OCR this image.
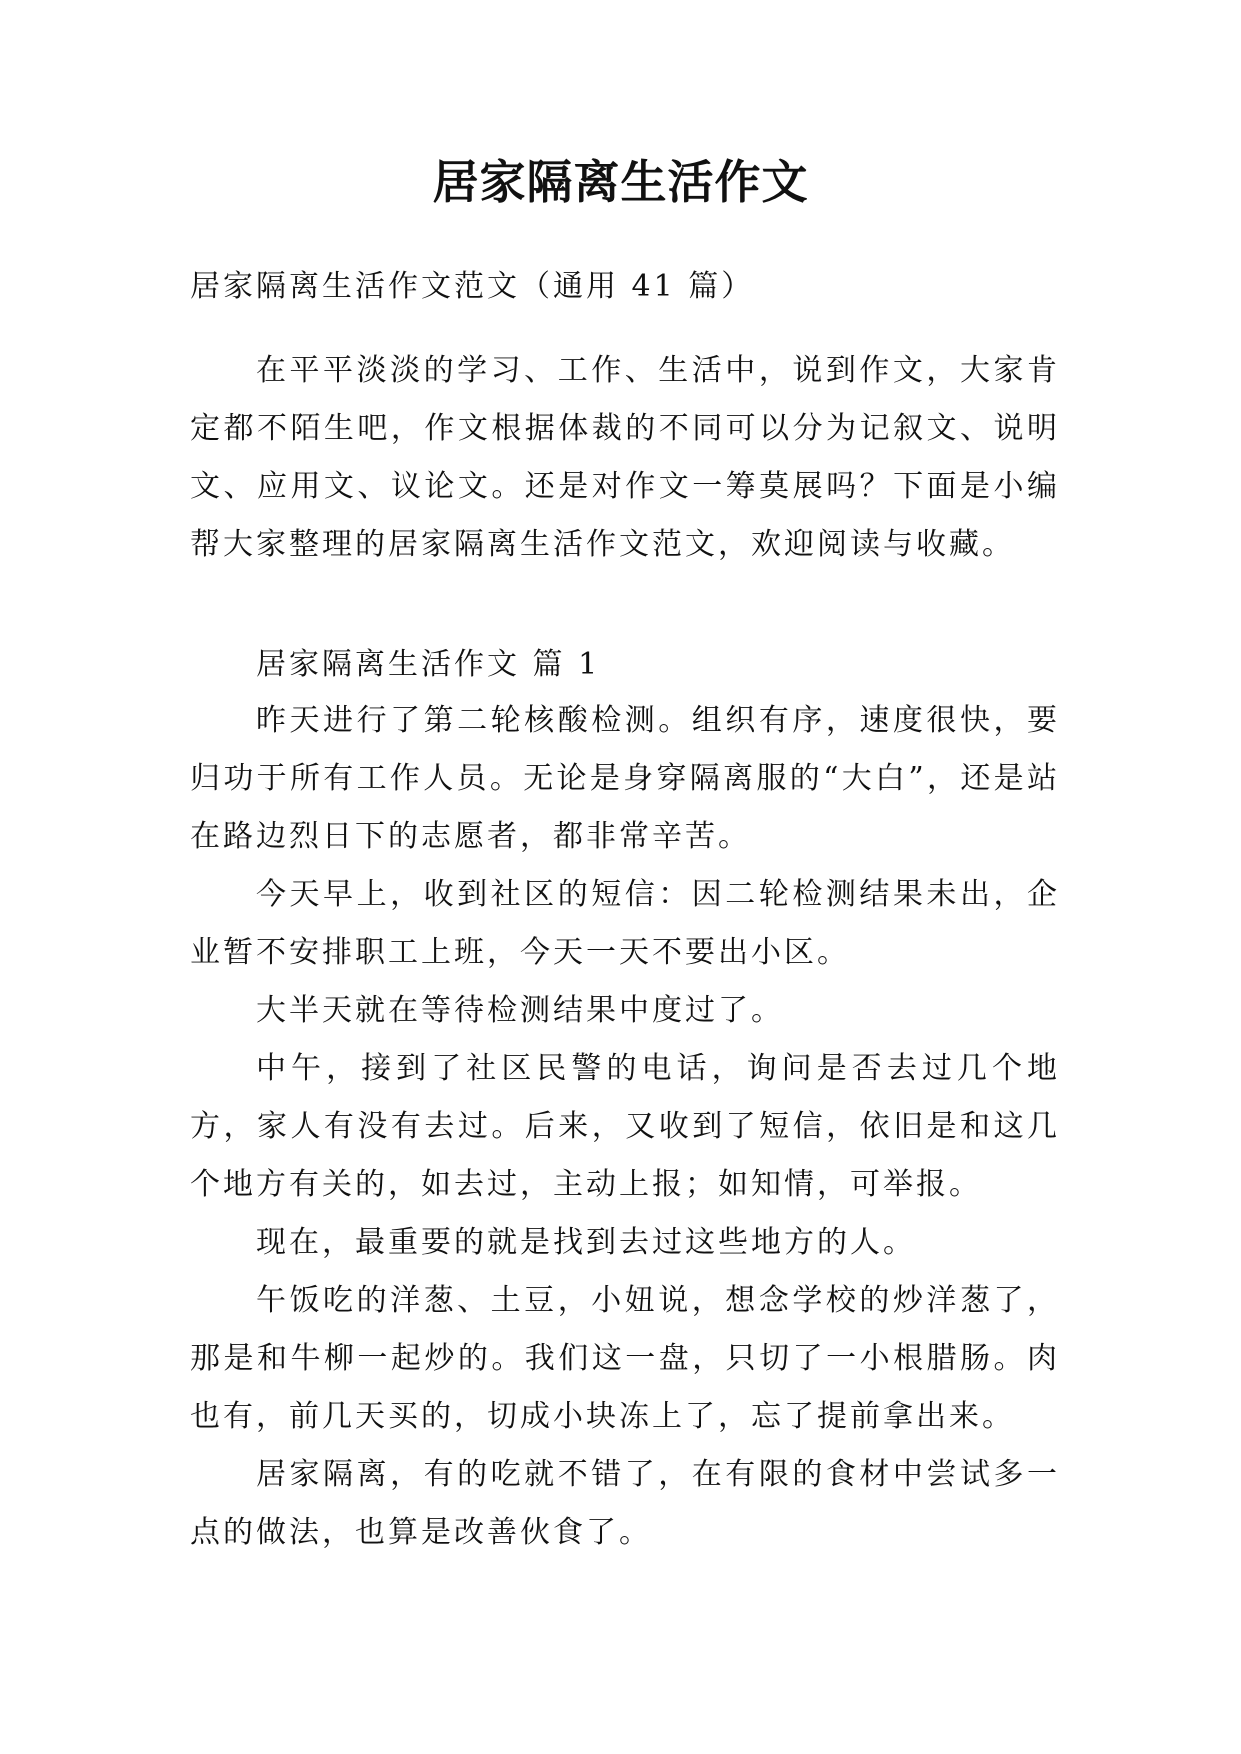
居家隔离生活作文

居家隔离生活作文范文（通用 41 篇）

在平平淡淡的学习、工作、生活中，说到作文，大家肯定都不陌生吧，作文根据体裁的不同可以分为记叙文、说明文、应用文、议论文。还是对作文一筹莫展吗？下面是小编帮大家整理的居家隔离生活作文范文，欢迎阅读与收藏。

居家隔离生活作文 篇 1

昨天进行了第二轮核酸检测。组织有序，速度很快，要归功于所有工作人员。无论是身穿隔离服的“大白”，还是站在路边烈日下的志愿者，都非常辛苦。

今天早上，收到社区的短信：因二轮检测结果未出，企业暂不安排职工上班，今天一天不要出小区。

大半天就在等待检测结果中度过了。

中午，接到了社区民警的电话，询问是否去过几个地方，家人有没有去过。后来，又收到了短信，依旧是和这几个地方有关的，如去过，主动上报；如知情，可举报。

现在，最重要的就是找到去过这些地方的人。

午饭吃的洋葱、土豆，小妞说，想念学校的炒洋葱了，那是和牛柳一起炒的。我们这一盘，只切了一小根腊肠。肉也有，前几天买的，切成小块冻上了，忘了提前拿出来。

居家隔离，有的吃就不错了，在有限的食材中尝试多一点的做法，也算是改善伙食了。
